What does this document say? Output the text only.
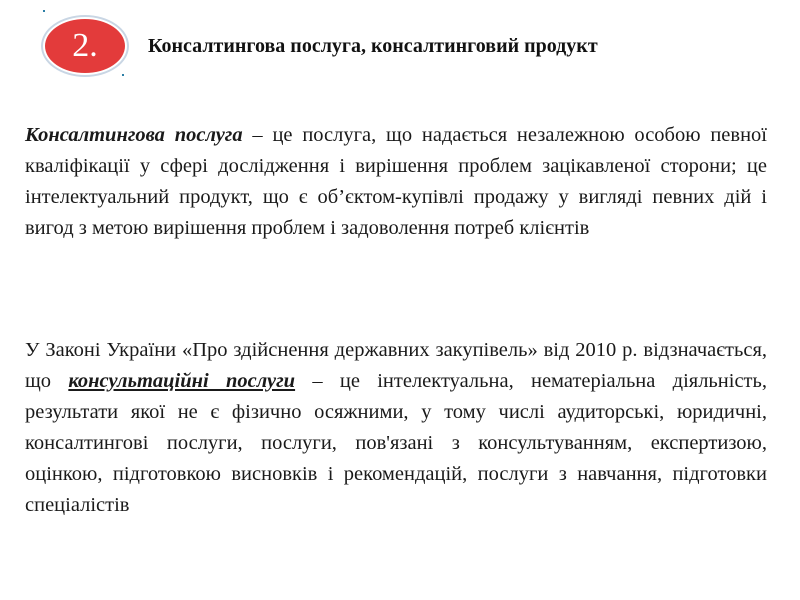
2.	Консалтингова послуга, консалтинговий продукт

Консалтингова послуга – це послуга, що надається незалежною особою певної кваліфікації у сфері дослідження і вирішення проблем зацікавленої сторони; це інтелектуальний продукт, що є об’єктом-купівлі продажу у вигляді певних дій і вигод з метою вирішення проблем і задоволення потреб клієнтів

У Законі України «Про здійснення державних закупівель» від 2010 р. відзначається, що консультаційні послуги – це інтелектуальна, нематеріальна діяльність, результати якої не є фізично осяжними, у тому числі аудиторські, юридичні, консалтингові послуги, послуги, пов'язані з консультуванням, експертизою, оцінкою, підготовкою висновків і рекомендацій, послуги з навчання, підготовки спеціалістів
